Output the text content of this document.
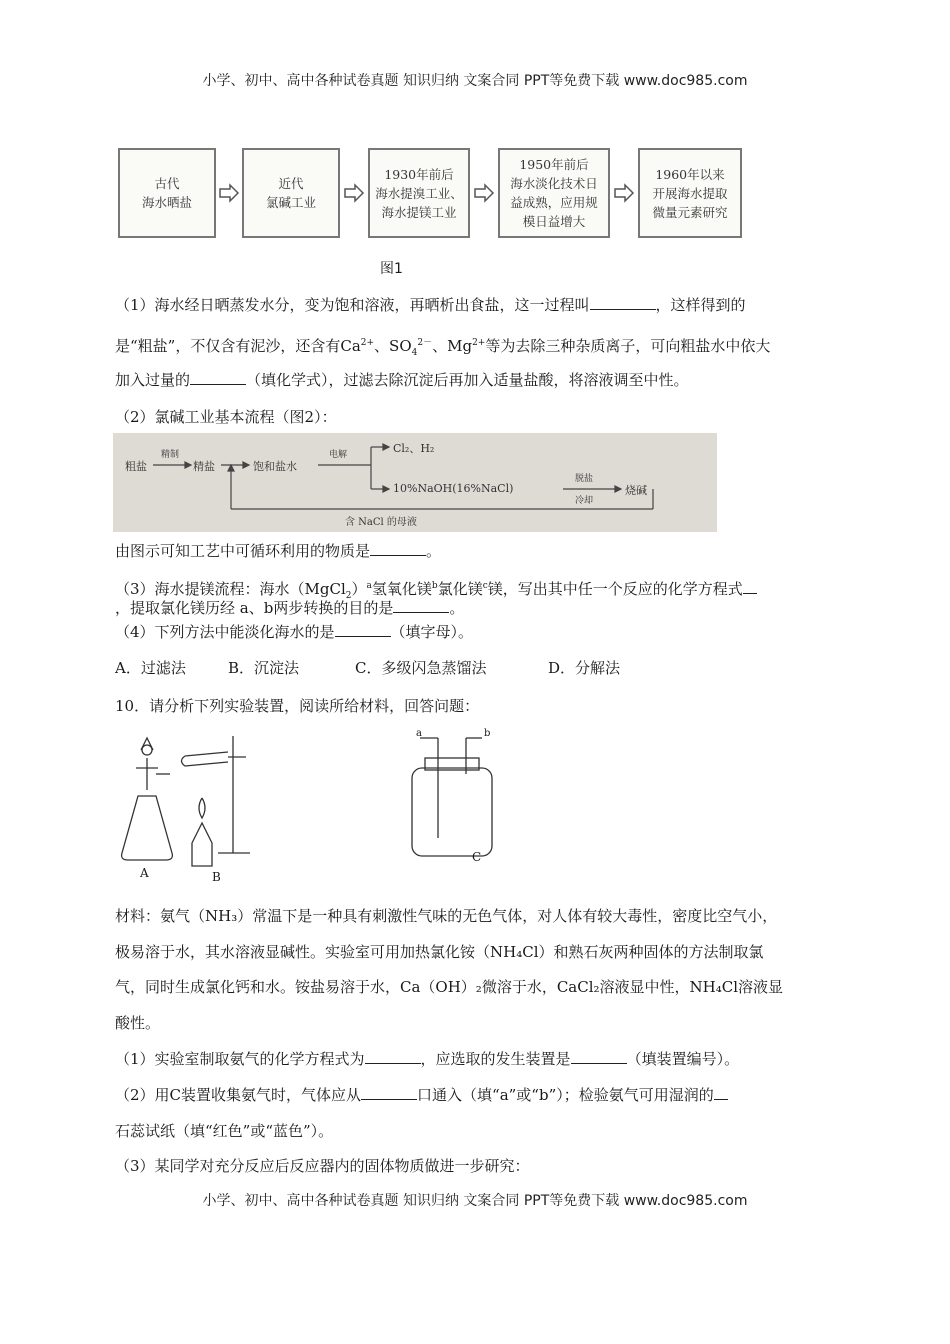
小学、初中、高中各种试卷真题 知识归纳 文案合同 PPT等免费下载 www.doc985.com
古代
海水晒盐
近代
氯碱工业
1930年前后
海水提溴工业、
海水提镁工业
1950年前后
海水淡化技术日
益成熟，应用规
模日益增大
1960年以来
开展海水提取
微量元素研究
图1
（1）海水经日晒蒸发水分，变为饱和溶液，再晒析出食盐，这一过程叫	，这样得到的
是“粗盐”，不仅含有泥沙，还含有$Ca^{2+}$、$SO_4^{2-}$、$Mg^{2+}$等为去除三种杂质离子，可向粗盐水中依大
加入过量的	（填化学式），过滤去除沉淀后再加入适量盐酸，将溶液调至中性。
（2）氯碱工业基本流程（图2）：
粗盐
精制
精盐	饱和盐水
电解	Cl₂、H₂
10%NaOH(16%NaCl)
脱盐
冷却
烧碱
含 NaCl 的母液
由图示可知工艺中可循环利用的物质是	。
（3）海水提镁流程：海水（MgCl$_2$）$^a$氢氧化镁$^b$氯化镁$^c$镁，写出其中任一个反应的化学方程式
，提取氯化镁历经 a、b两步转换的目的是	。
（4）下列方法中能淡化海水的是	（填字母）。
A．过滤法	B．沉淀法	C．多级闪急蒸馏法	D．分解法
10．请分析下列实验装置，阅读所给材料，回答问题：
A	B
C
a	b
材料：氨气（NH₃）常温下是一种具有刺激性气味的无色气体，对人体有较大毒性，密度比空气小，
极易溶于水，其水溶液显碱性。实验室可用加热氯化铵（NH₄Cl）和熟石灰两种固体的方法制取氯
气，同时生成氯化钙和水。铵盐易溶于水，Ca（OH）₂微溶于水，CaCl₂溶液显中性，NH₄Cl溶液显
酸性。
（1）实验室制取氨气的化学方程式为	，应选取的发生装置是	（填装置编号）。
（2）用C装置收集氨气时，气体应从	口通入（填“a”或“b”）；检验氨气可用湿润的
石蕊试纸（填“红色”或“蓝色”）。
（3）某同学对充分反应后反应器内的固体物质做进一步研究：
小学、初中、高中各种试卷真题 知识归纳 文案合同 PPT等免费下载 www.doc985.com
